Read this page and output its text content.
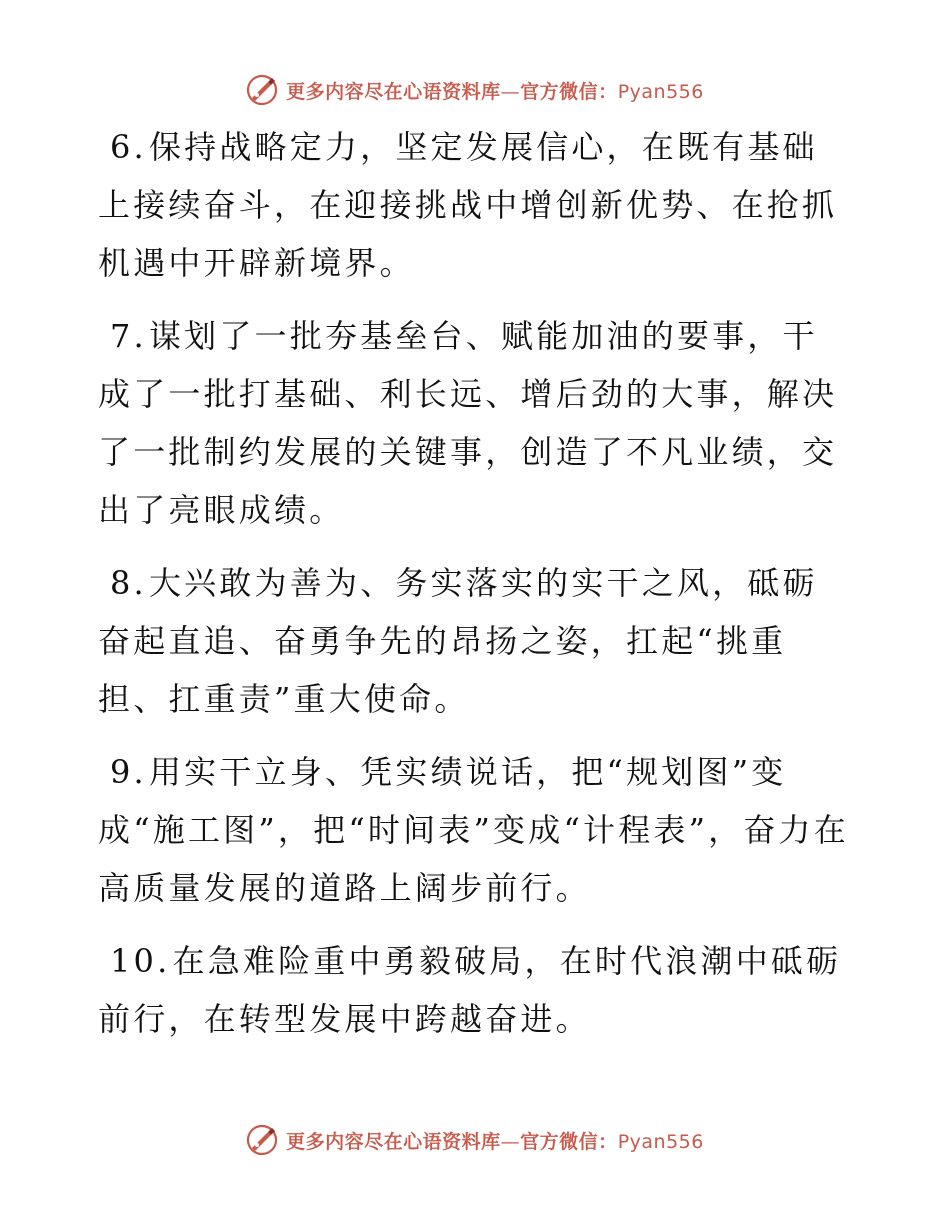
更多内容尽在心语资料库—官方微信：Pyan556

6.保持战略定力，坚定发展信心，在既有基础上接续奋斗，在迎接挑战中增创新优势、在抢抓机遇中开辟新境界。

7.谋划了一批夯基垒台、赋能加油的要事，干成了一批打基础、利长远、增后劲的大事，解决了一批制约发展的关键事，创造了不凡业绩，交出了亮眼成绩。

8.大兴敢为善为、务实落实的实干之风，砥砺奋起直追、奋勇争先的昂扬之姿，扛起“挑重担、扛重责”重大使命。

9.用实干立身、凭实绩说话，把“规划图”变成“施工图”，把“时间表”变成“计程表”，奋力在高质量发展的道路上阔步前行。

10.在急难险重中勇毅破局，在时代浪潮中砥砺前行，在转型发展中跨越奋进。

更多内容尽在心语资料库—官方微信：Pyan556
